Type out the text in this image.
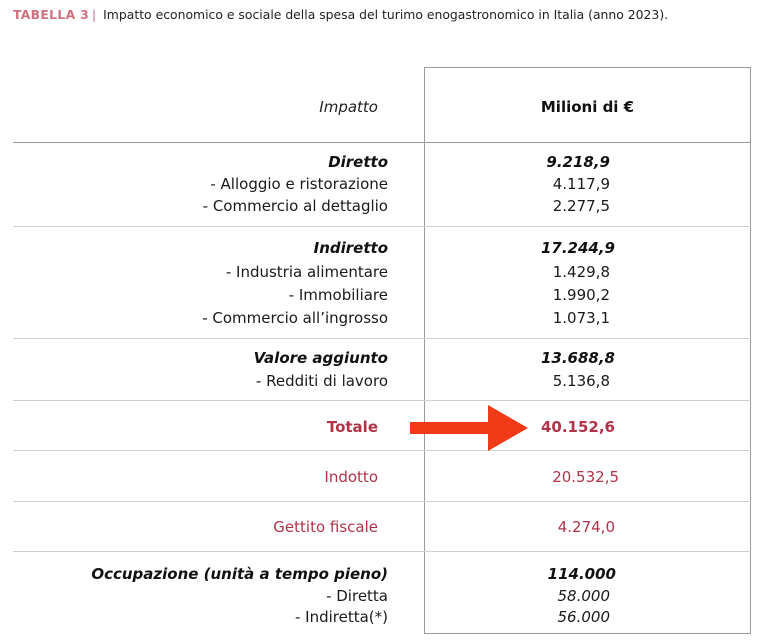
TABELLA 3 | Impatto economico e sociale della spesa del turimo enogastronomico in Italia (anno 2023).
Impatto	Milioni di €
Diretto	9.218,9
- Alloggio e ristorazione	4.117,9
- Commercio al dettaglio	2.277,5
Indiretto	17.244,9
- Industria alimentare	1.429,8
- Immobiliare	1.990,2
- Commercio all’ingrosso	1.073,1
Valore aggiunto	13.688,8
- Redditi di lavoro	5.136,8
Totale	40.152,6
Indotto	20.532,5
Gettito fiscale	4.274,0
Occupazione (unità a tempo pieno)	114.000
- Diretta	58.000
- Indiretta(*)	56.000
